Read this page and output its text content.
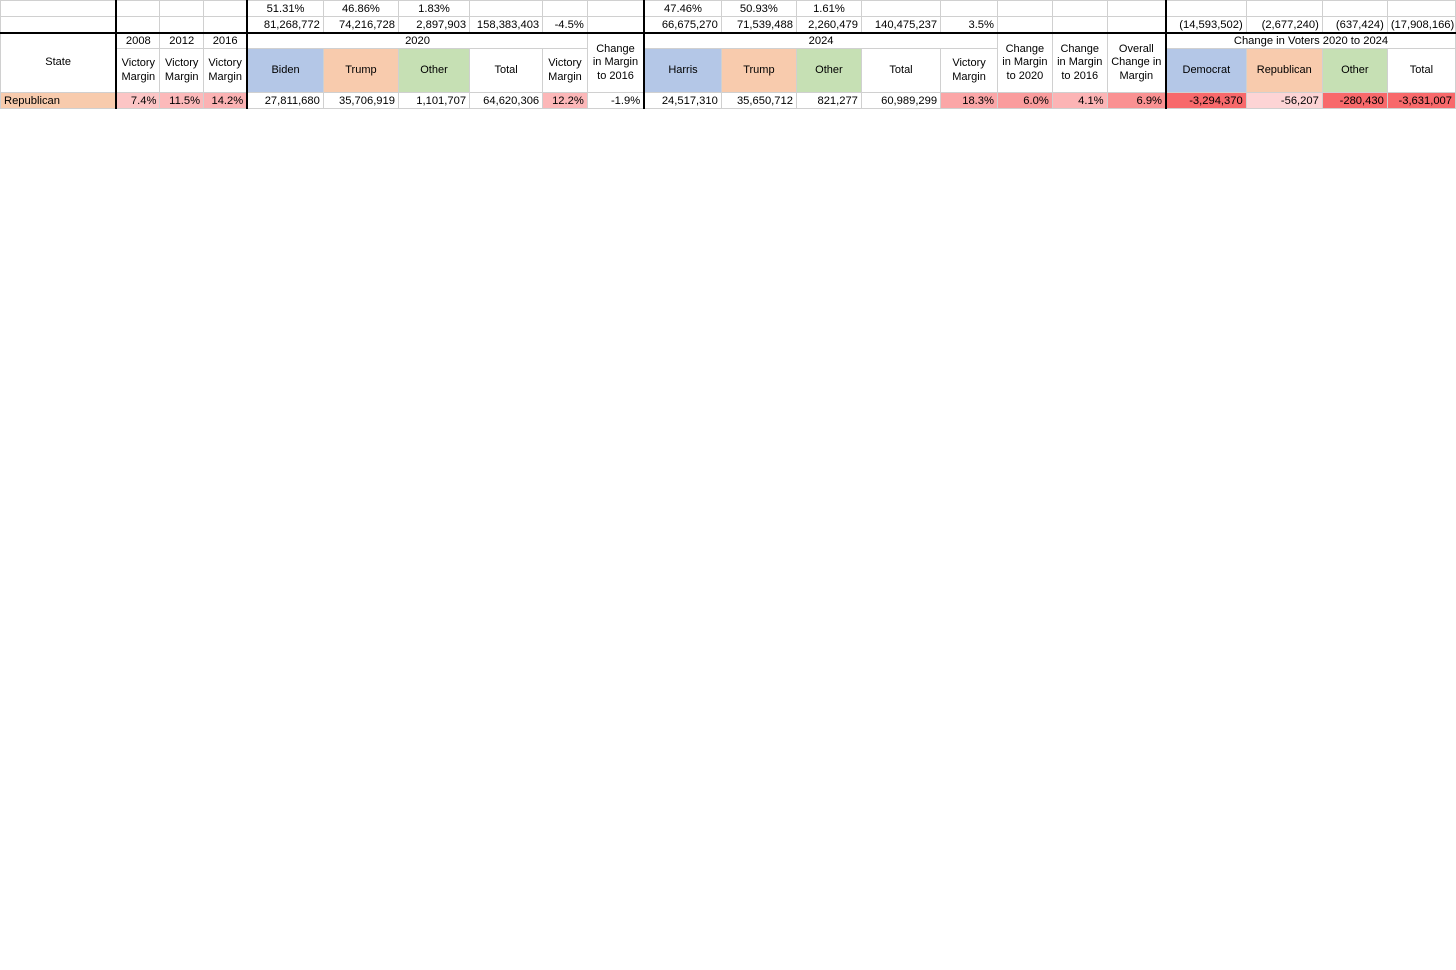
				51.31%	46.86%	1.83%				47.46%	50.93%	1.61%									
				81,268,772	74,216,728	2,897,903	158,383,403	-4.5%		66,675,270	71,539,488	2,260,479	140,475,237	3.5%				(14,593,502)	(2,677,240)	(637,424)	(17,908,166)
State	2008	2012	2016	2020					Change in Margin to 2016	2024					Change in Margin to 2020	Change in Margin to 2016	Overall Change in Margin	Change in Voters 2020 to 2024			
	Victory Margin	Victory Margin	Victory Margin	Biden	Trump	Other	Total	Victory Margin		Harris	Trump	Other	Total	Victory Margin				Democrat	Republican	Other	Total
Republican	7.4%	11.5%	14.2%	27,811,680	35,706,919	1,101,707	64,620,306	12.2%	-1.9%	24,517,310	35,650,712	821,277	60,989,299	18.3%	6.0%	4.1%	6.9%	-3,294,370	-56,207	-280,430	-3,631,007
